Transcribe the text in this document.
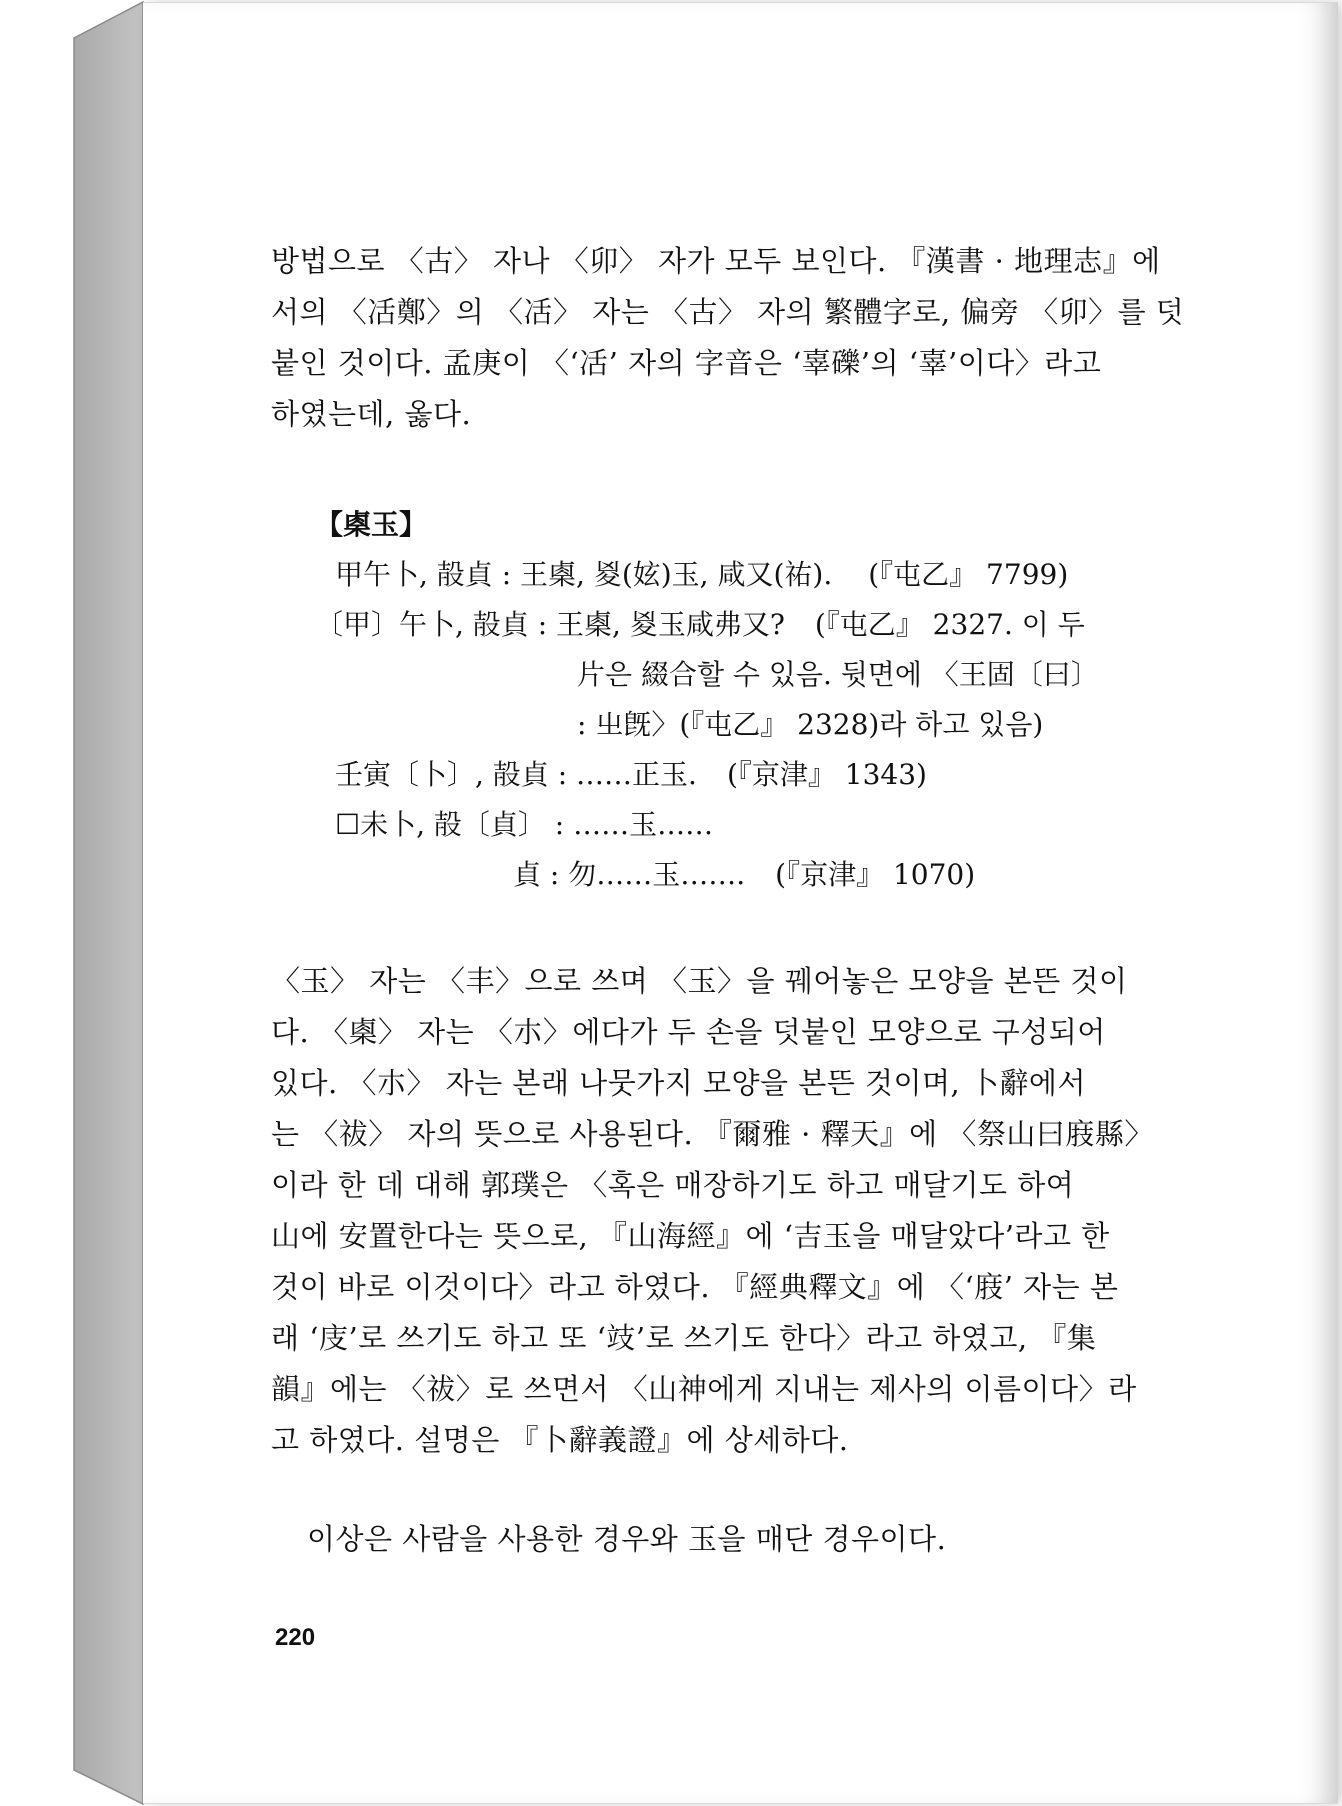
방법으로 〈古〉 자나 〈卯〉 자가 모두 보인다. 『漢書 · 地理志』에
서의 〈㓉鄭〉의 〈㓉〉 자는 〈古〉 자의 繁體字로, 偏旁 〈卯〉를 덧
붙인 것이다. 孟庚이 〈‘㓉’ 자의 字音은 ‘辜礫’의 ‘辜’이다〉라고
하였는데, 옳다.
【㮚玉】
甲午卜, 㱿貞 : 王㮚, 㚇(妶)玉, 咸又(祐). (『屯乙』 7799)
〔甲〕午卜, 㱿貞 : 王㮚, 㚇玉咸弗又? (『屯乙』 2327. 이 두
片은 綴合할 수 있음. 뒷면에 〈王固〔曰〕
: 㞢旣〉(『屯乙』 2328)라 하고 있음)
壬寅〔卜〕, 㱿貞 : ……正玉. (『京津』 1343)
☐未卜, 㱿〔貞〕 : ……玉……
貞 : 勿……玉……. (『京津』 1070)
〈玉〉 자는 〈丰〉으로 쓰며 〈玉〉을 꿰어놓은 모양을 본뜬 것이
다. 〈㮚〉 자는 〈朩〉에다가 두 손을 덧붙인 모양으로 구성되어
있다. 〈朩〉 자는 본래 나뭇가지 모양을 본뜬 것이며, 卜辭에서
는 〈祓〉 자의 뜻으로 사용된다. 『爾雅 · 釋天』에 〈祭山曰庪縣〉
이라 한 데 대해 郭璞은 〈혹은 매장하기도 하고 매달기도 하여
山에 安置한다는 뜻으로, 『山海經』에 ‘吉玉을 매달았다’라고 한
것이 바로 이것이다〉라고 하였다. 『經典釋文』에 〈‘庪’ 자는 본
래 ‘庋’로 쓰기도 하고 또 ‘攱’로 쓰기도 한다〉라고 하였고, 『集
韻』에는 〈祓〉로 쓰면서 〈山神에게 지내는 제사의 이름이다〉라
고 하였다. 설명은 『卜辭義證』에 상세하다.
이상은 사람을 사용한 경우와 玉을 매단 경우이다.
220
